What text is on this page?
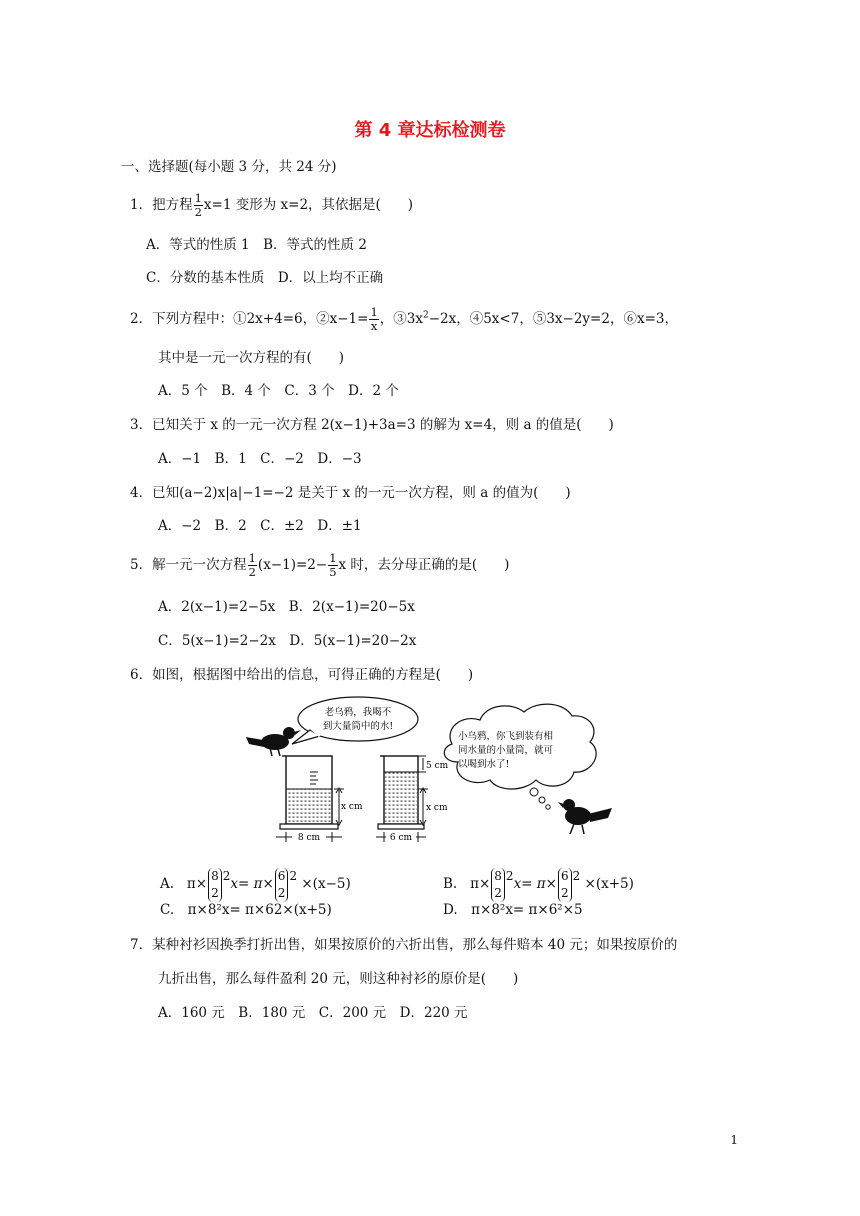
第 4 章达标检测卷
一、选择题(每小题 3 分，共 24 分)
1．把方程 $\frac{1}{2} x=1$ 变形为 x=2，其依据是(　　)
A．等式的性质 1　B．等式的性质 2
C．分数的基本性质　D．以上均不正确
2．下列方程中：①2x+4=6，②x−1= $\frac{1}{x}$ ，$③3x^2-2x$，④5x<7，⑤3x−2y=2，⑥x=3，
其中是一元一次方程的有(　　)
A．5 个　B．4 个　C．3 个　D．2 个
3．已知关于 x 的一元一次方程 2(x−1)+3a=3 的解为 x=4，则 a 的值是(　　)
A．−1　B．1　C．−2　D．−3
4．已知(a−2)x|a|−1=−2 是关于 x 的一元一次方程，则 a 的值为(　　)
A．−2　B．2　C．±2　D．±1
5．解一元一次方程 $\frac{1}{2} (x-1)=2- \frac{1}{5}$ x 时，去分母正确的是(　　)
A．2(x−1)=2−5x　B．2(x−1)=20−5x
C．5(x−1)=2−2x　D．5(x−1)=20−2x
6．如图，根据图中给出的信息，可得正确的方程是(　　)
老乌鸦，我喝不
到大量筒中的水!
x cm
8 cm
5 cm
x cm
6 cm
小乌鸦，你飞到装有相
同水量的小量筒，就可
以喝到水了!
A. π×
8
2
2x= π×
6
2
2 ×(x−5)	B. π×
8
2
2x= π×
6
2
2 ×(x+5)
C.　π×8²x= π×62×(x+5)	D.　π×8²x= π×6²×5
7．某种衬衫因换季打折出售，如果按原价的六折出售，那么每件赔本 40 元；如果按原价的
九折出售，那么每件盈利 20 元，则这种衬衫的原价是(　　)
A．160 元　B．180 元　C．200 元　D．220 元
1
